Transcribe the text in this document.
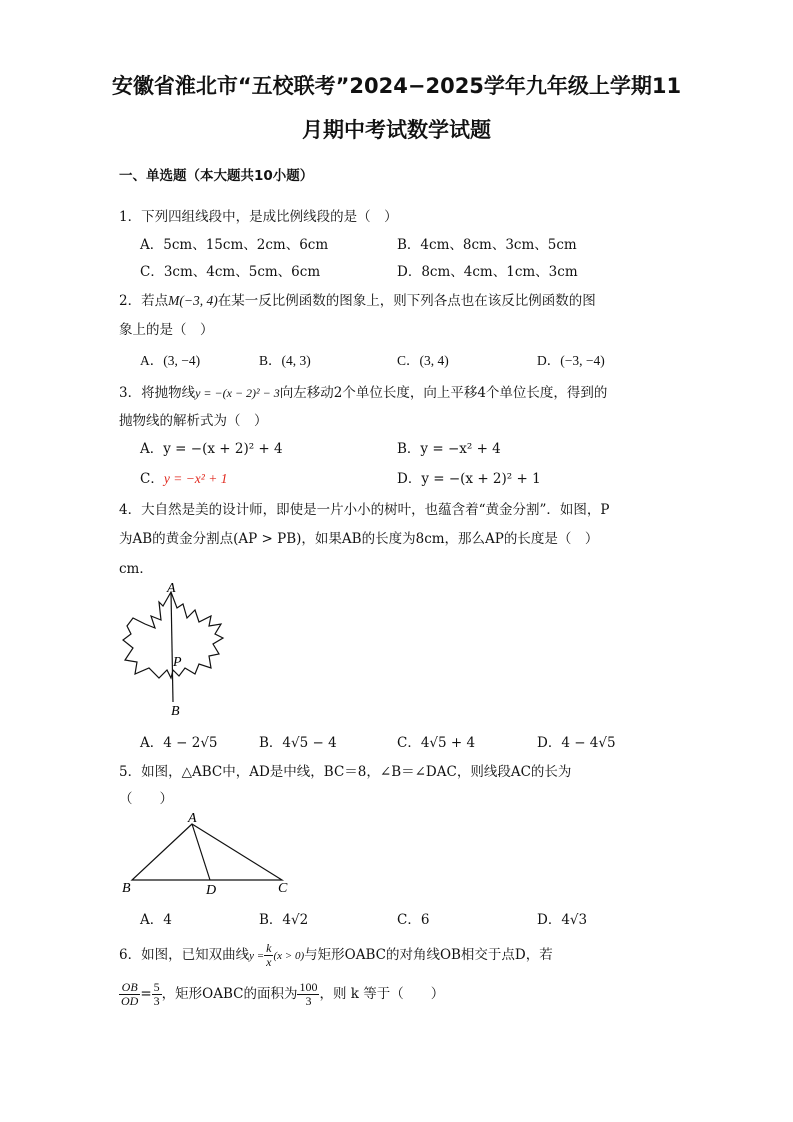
安徽省淮北市“五校联考”2024−2025学年九年级上学期11
月期中考试数学试题
一、单选题（本大题共10小题）
1．下列四组线段中，是成比例线段的是（　）
A．5cm、15cm、2cm、6cm	B．4cm、8cm、3cm、5cm
C．3cm、4cm、5cm、6cm	D．8cm、4cm、1cm、3cm
2．若点M(−3, 4)在某一反比例函数的图象上，则下列各点也在该反比例函数的图
象上的是（　）
A．(3, −4)	B．(4, 3)	C．(3, 4)	D．(−3, −4)
3．将抛物线y = −(x − 2)² − 3向左移动2个单位长度，向上平移4个单位长度，得到的
抛物线的解析式为（　）
A．y = −(x + 2)² + 4	B．y = −x² + 4
C．y = −x² + 1	D．y = −(x + 2)² + 1
4．大自然是美的设计师，即使是一片小小的树叶，也蕴含着“黄金分割”．如图，P
为AB的黄金分割点(AP > PB)，如果AB的长度为8cm，那么AP的长度是（　）
cm．
A
P
B
A．4 − 2√5	B．4√5 − 4	C．4√5 + 4	D．4 − 4√5
5．如图，△ABC中，AD是中线，BC＝8，∠B＝∠DAC，则线段AC的长为
（　　）
A
B	C
D
A．4	B．4√2	C．6	D．4√3
6．如图，已知双曲线$y = \frac{k}{x} (x > 0)$与矩形OABC的对角线OB相交于点D，若
$\frac{OB}{OD} = \frac{5}{3}$ ，矩形OABC的面积为 $\frac{100}{3}$ ，则 k 等于（　　）
